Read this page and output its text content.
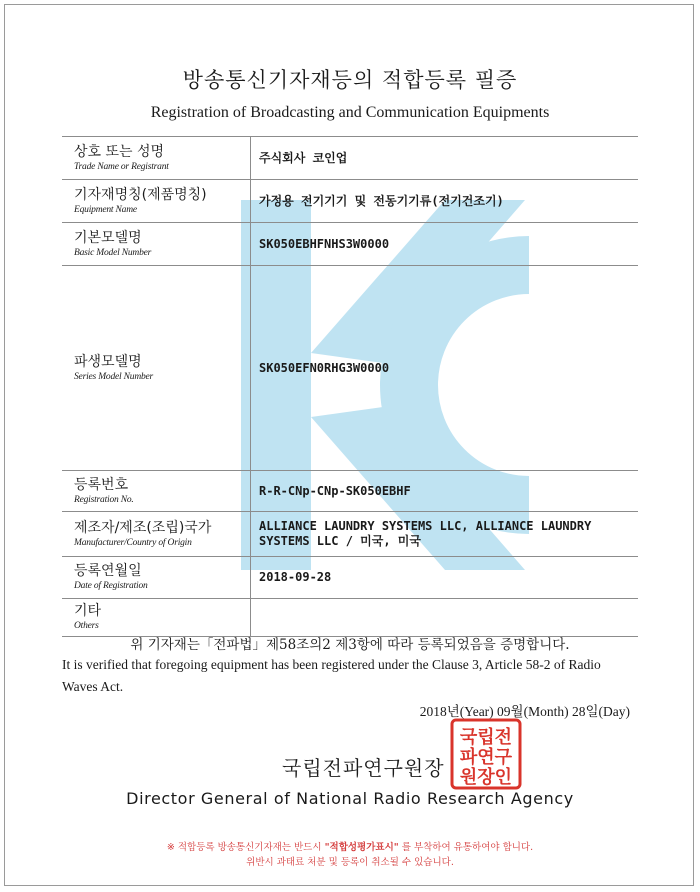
방송통신기자재등의 적합등록 필증
Registration of Broadcasting and Communication Equipments
상호 또는 성명
Trade Name or Registrant	주식회사 코인업

기자재명칭(제품명칭)
Equipment Name	가정용 전기기기 및 전동기기류(전기건조기)

기본모델명
Basic Model Number	SK050EBHFNHS3W0000

파생모델명
Series Model Number	SK050EFN0RHG3W0000

등록번호
Registration No.	R-R-CNp-CNp-SK050EBHF

제조자/제조(조립)국가
Manufacturer/Country of Origin	ALLIANCE LAUNDRY SYSTEMS LLC, ALLIANCE LAUNDRY SYSTEMS LLC / 미국, 미국

등록연월일
Date of Registration	2018-09-28

기타
Others	

위 기자재는「전파법」제58조의2 제3항에 따라 등록되었음을 증명합니다.
It is verified that foregoing equipment has been registered under the Clause 3, Article 58-2 of Radio Waves Act.
2018년(Year) 09월(Month) 28일(Day)
국립전파연구원장
국립전
파연구
원장인
Director General of National Radio Research Agency
※ 적합등록 방송통신기자재는 반드시 "적합성평가표시" 를 부착하여 유통하여야 합니다.
위반시 과태료 처분 및 등록이 취소될 수 있습니다.
